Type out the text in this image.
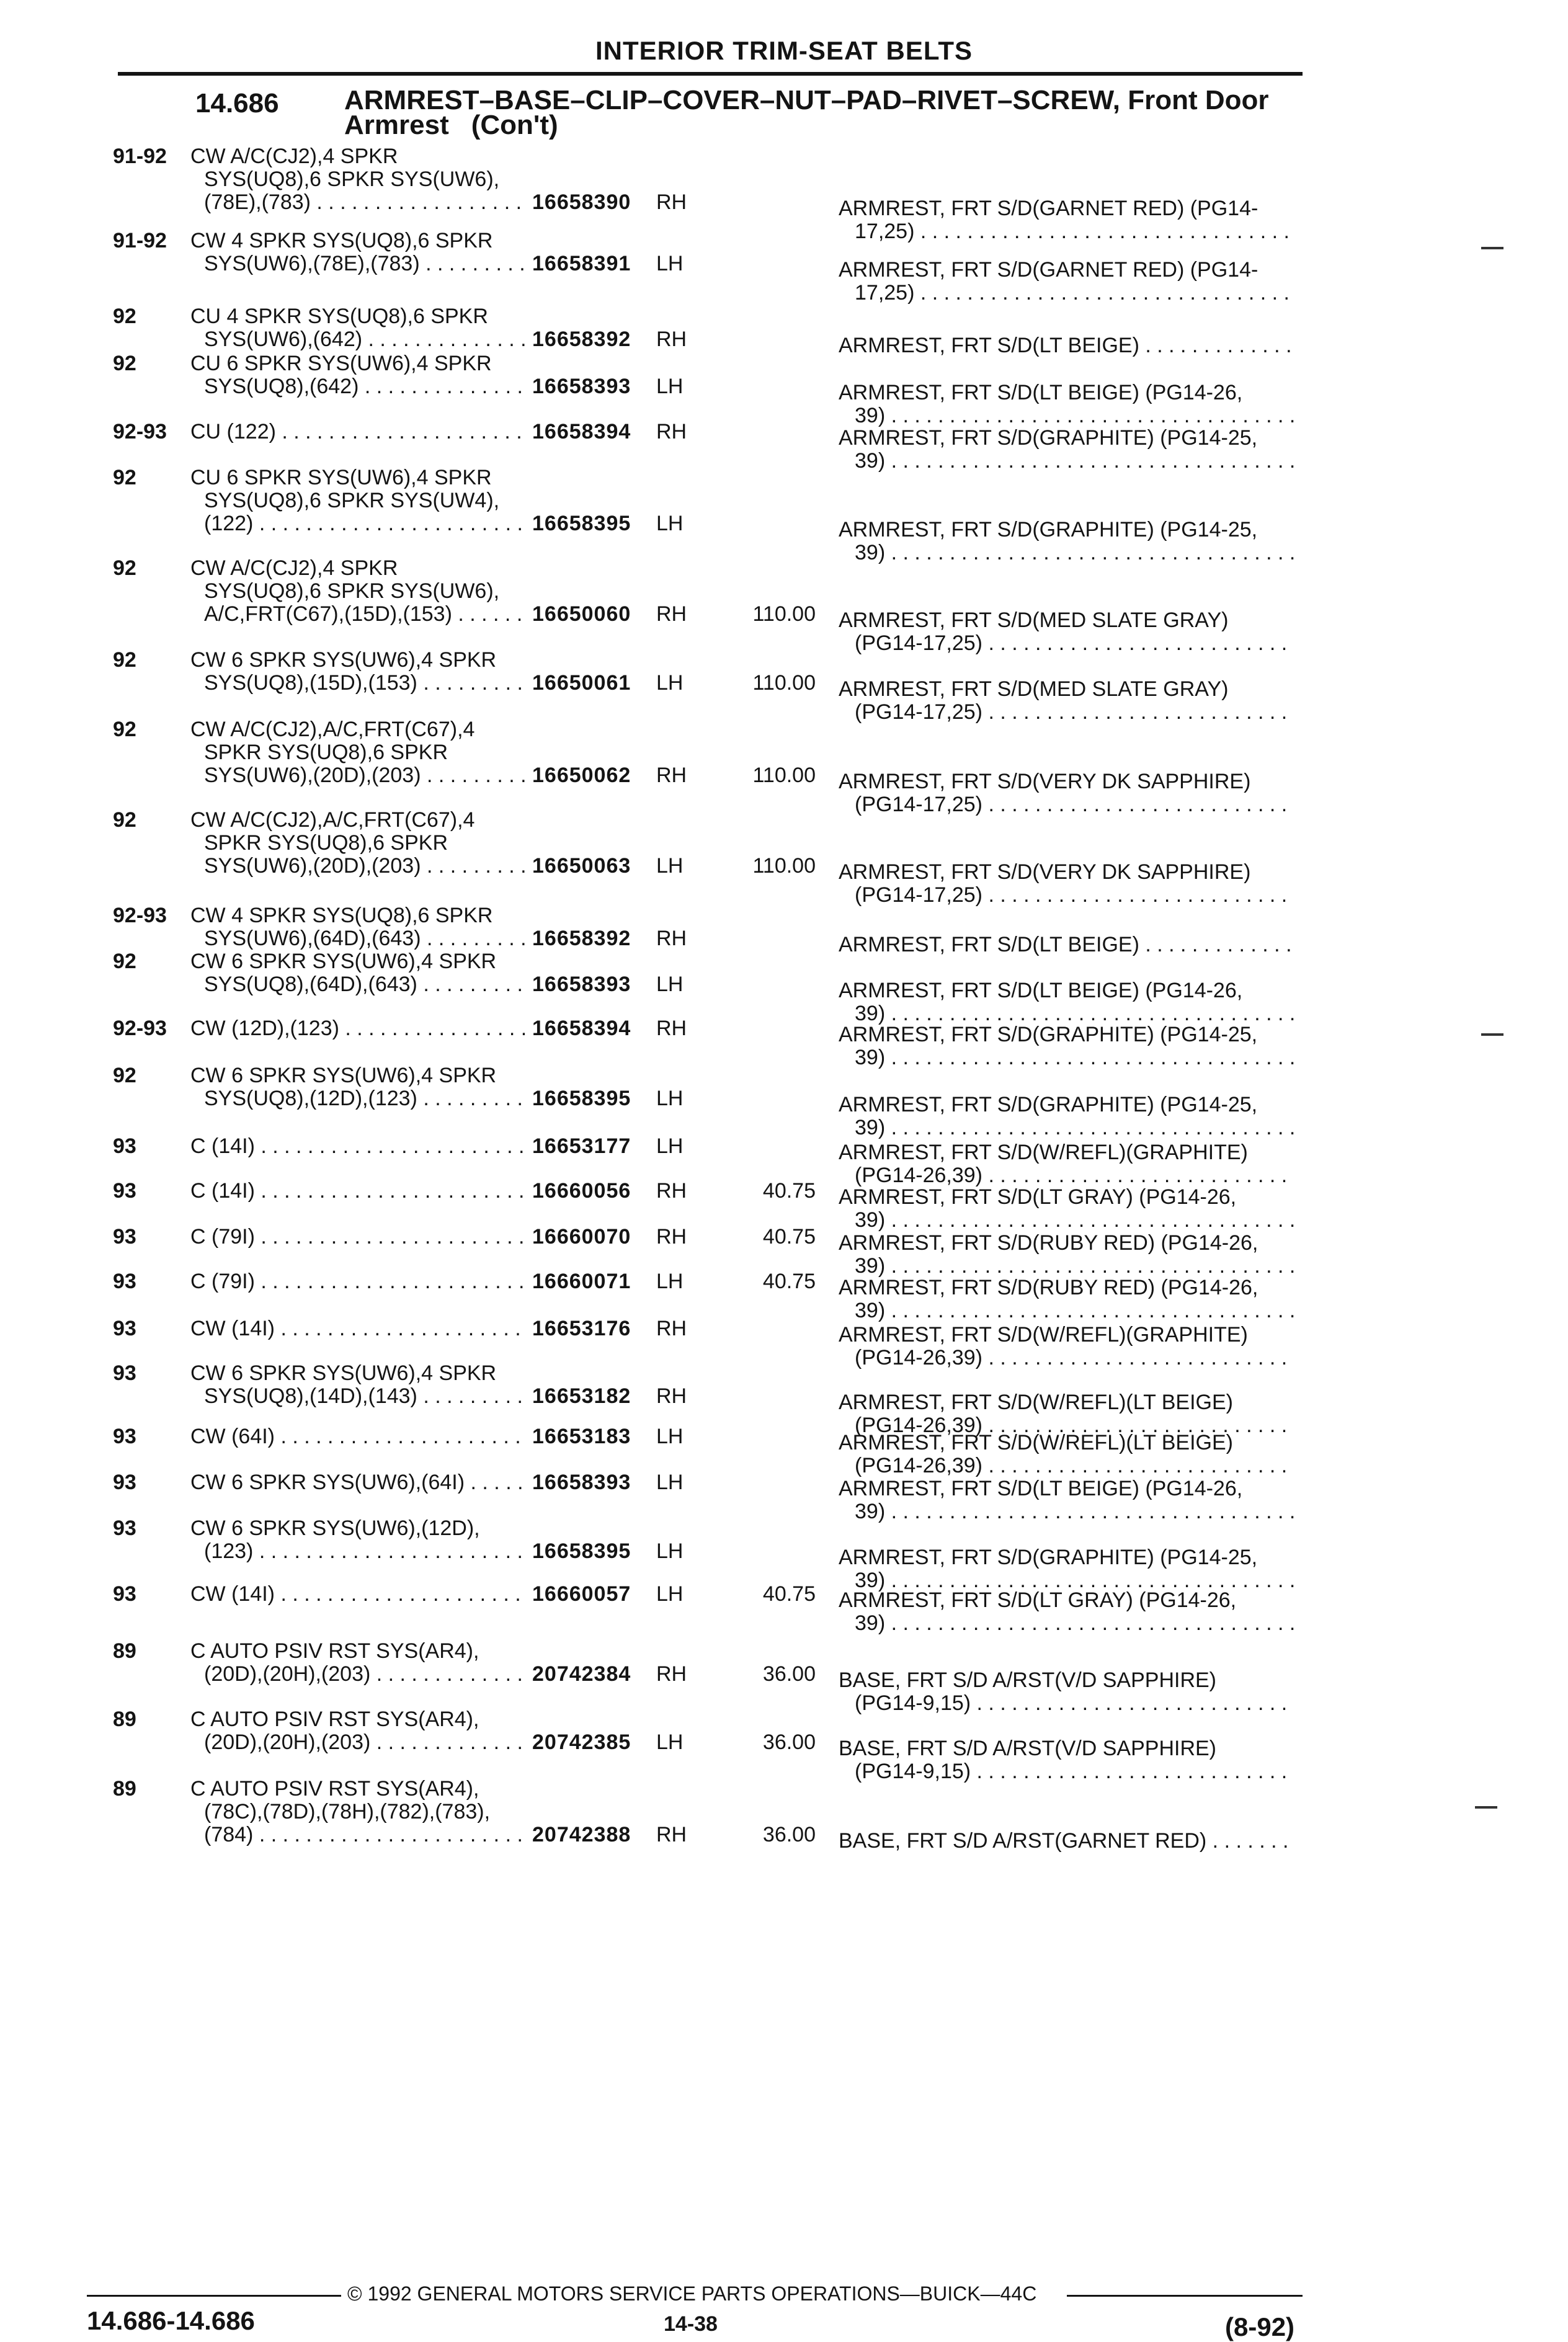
INTERIOR TRIM-SEAT BELTS
14.686 ARMREST–BASE–CLIP–COVER–NUT–PAD–RIVET–SCREW, Front Door
Armrest (Con't)
91-92	CW A/C(CJ2),4 SPKR
SYS(UQ8),6 SPKR SYS(UW6),
(78E),(783) . . .	16658390	RH	ARMREST, FRT S/D(GARNET RED) (PG14-
17,25) . . .
91-92	CW 4 SPKR SYS(UQ8),6 SPKR
SYS(UW6),(78E),(783) . . .	16658391	LH	ARMREST, FRT S/D(GARNET RED) (PG14-
17,25) . . .
92	CU 4 SPKR SYS(UQ8),6 SPKR
SYS(UW6),(642) . . .	16658392	RH	ARMREST, FRT S/D(LT BEIGE) . . .
92	CU 6 SPKR SYS(UW6),4 SPKR
SYS(UQ8),(642) . . .	16658393	LH	ARMREST, FRT S/D(LT BEIGE) (PG14-26,
39) . . .
92-93	CU (122) . . .	16658394	RH	ARMREST, FRT S/D(GRAPHITE) (PG14-25,
39) . . .
92	CU 6 SPKR SYS(UW6),4 SPKR
SYS(UQ8),6 SPKR SYS(UW4),
(122) . . .	16658395	LH	ARMREST, FRT S/D(GRAPHITE) (PG14-25,
39) . . .
92	CW A/C(CJ2),4 SPKR
SYS(UQ8),6 SPKR SYS(UW6),
A/C,FRT(C67),(15D),(153) . . .	16650060	RH	110.00 ARMREST, FRT S/D(MED SLATE GRAY)
(PG14-17,25) . . .
92	CW 6 SPKR SYS(UW6),4 SPKR
SYS(UQ8),(15D),(153) . . .	16650061	LH	110.00 ARMREST, FRT S/D(MED SLATE GRAY)
(PG14-17,25) . . .
92	CW A/C(CJ2),A/C,FRT(C67),4
SPKR SYS(UQ8),6 SPKR
SYS(UW6),(20D),(203) . . .	16650062	RH	110.00 ARMREST, FRT S/D(VERY DK SAPPHIRE)
(PG14-17,25) . . .
92	CW A/C(CJ2),A/C,FRT(C67),4
SPKR SYS(UQ8),6 SPKR
SYS(UW6),(20D),(203) . . .	16650063	LH	110.00 ARMREST, FRT S/D(VERY DK SAPPHIRE)
(PG14-17,25) . . .
92-93	CW 4 SPKR SYS(UQ8),6 SPKR
SYS(UW6),(64D),(643) . . .	16658392	RH	ARMREST, FRT S/D(LT BEIGE) . . .
92	CW 6 SPKR SYS(UW6),4 SPKR
SYS(UQ8),(64D),(643) . . .	16658393	LH	ARMREST, FRT S/D(LT BEIGE) (PG14-26,
39) . . .
92-93	CW (12D),(123) . . .	16658394	RH	ARMREST, FRT S/D(GRAPHITE) (PG14-25,
39) . . .
92	CW 6 SPKR SYS(UW6),4 SPKR
SYS(UQ8),(12D),(123) . . .	16658395	LH	ARMREST, FRT S/D(GRAPHITE) (PG14-25,
39) . . .
93	C (14I) . . .	16653177	LH	ARMREST, FRT S/D(W/REFL)(GRAPHITE)
(PG14-26,39) . . .
93	C (14I) . . .	16660056	RH	40.75 ARMREST, FRT S/D(LT GRAY) (PG14-26,
39) . . .
93	C (79I) . . .	16660070	RH	40.75 ARMREST, FRT S/D(RUBY RED) (PG14-26,
39) . . .
93	C (79I) . . .	16660071	LH	40.75 ARMREST, FRT S/D(RUBY RED) (PG14-26,
39) . . .
93	CW (14I) . . .	16653176	RH	ARMREST, FRT S/D(W/REFL)(GRAPHITE)
(PG14-26,39) . . .
93	CW 6 SPKR SYS(UW6),4 SPKR
SYS(UQ8),(14D),(143) . . .	16653182	RH	ARMREST, FRT S/D(W/REFL)(LT BEIGE)
(PG14-26,39) . . .
93	CW (64I) . . .	16653183	LH	ARMREST, FRT S/D(W/REFL)(LT BEIGE)
(PG14-26,39) . . .
93	CW 6 SPKR SYS(UW6),(64I) . . .	16658393	LH	ARMREST, FRT S/D(LT BEIGE) (PG14-26,
39) . . .
93	CW 6 SPKR SYS(UW6),(12D),
(123) . . .	16658395	LH	ARMREST, FRT S/D(GRAPHITE) (PG14-25,
39) . . .
93	CW (14I) . . .	16660057	LH	40.75 ARMREST, FRT S/D(LT GRAY) (PG14-26,
39) . . .
89	C AUTO PSIV RST SYS(AR4),
(20D),(20H),(203) . . .	20742384	RH	36.00 BASE, FRT S/D A/RST(V/D SAPPHIRE)
(PG14-9,15) . . .
89	C AUTO PSIV RST SYS(AR4),
(20D),(20H),(203) . . .	20742385	LH	36.00 BASE, FRT S/D A/RST(V/D SAPPHIRE)
(PG14-9,15) . . .
89	C AUTO PSIV RST SYS(AR4),
(78C),(78D),(78H),(782),(783),
(784) . . .	20742388	RH	36.00 BASE, FRT S/D A/RST(GARNET RED) . . .
© 1992 GENERAL MOTORS SERVICE PARTS OPERATIONS—BUICK—44C
14.686-14.686	14-38	(8-92)
